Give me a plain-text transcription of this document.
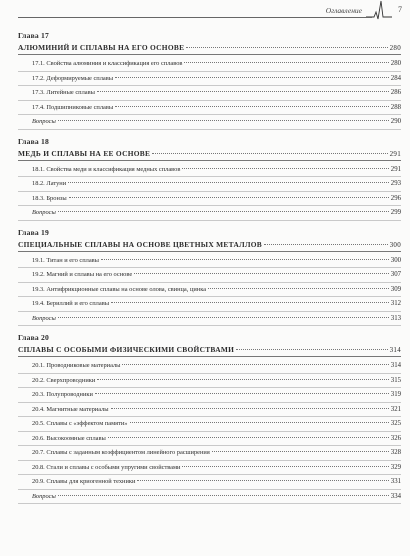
Оглавление	7
Глава 17
АЛЮМИНИЙ И СПЛАВЫ НА ЕГО ОСНОВЕ	280
17.1. Свойства алюминия и классификация его сплавов	280
17.2. Деформируемые сплавы	284
17.3. Литейные сплавы	286
17.4. Подшипниковые сплавы	288
Вопросы	290
Глава 18
МЕДЬ И СПЛАВЫ НА ЕЕ ОСНОВЕ	291
18.1. Свойства меди и классификация медных сплавов	291
18.2. Латуни	293
18.3. Бронзы	296
Вопросы	299
Глава 19
СПЕЦИАЛЬНЫЕ СПЛАВЫ НА ОСНОВЕ ЦВЕТНЫХ МЕТАЛЛОВ	300
19.1. Титан и его сплавы	300
19.2. Магний и сплавы на его основе	307
19.3. Антифрикционные сплавы на основе олова, свинца, цинка	309
19.4. Бериллий и его сплавы	312
Вопросы	313
Глава 20
СПЛАВЫ С ОСОБЫМИ ФИЗИЧЕСКИМИ СВОЙСТВАМИ	314
20.1. Проводниковые материалы	314
20.2. Сверхпроводники	315
20.3. Полупроводники	319
20.4. Магнитные материалы	321
20.5. Сплавы с «эффектом памяти»	325
20.6. Высокоомные сплавы	326
20.7. Сплавы с заданным коэффициентом линейного расширения	328
20.8. Стали и сплавы с особыми упругими свойствами	329
20.9. Сплавы для криогенной техники	331
Вопросы	334
